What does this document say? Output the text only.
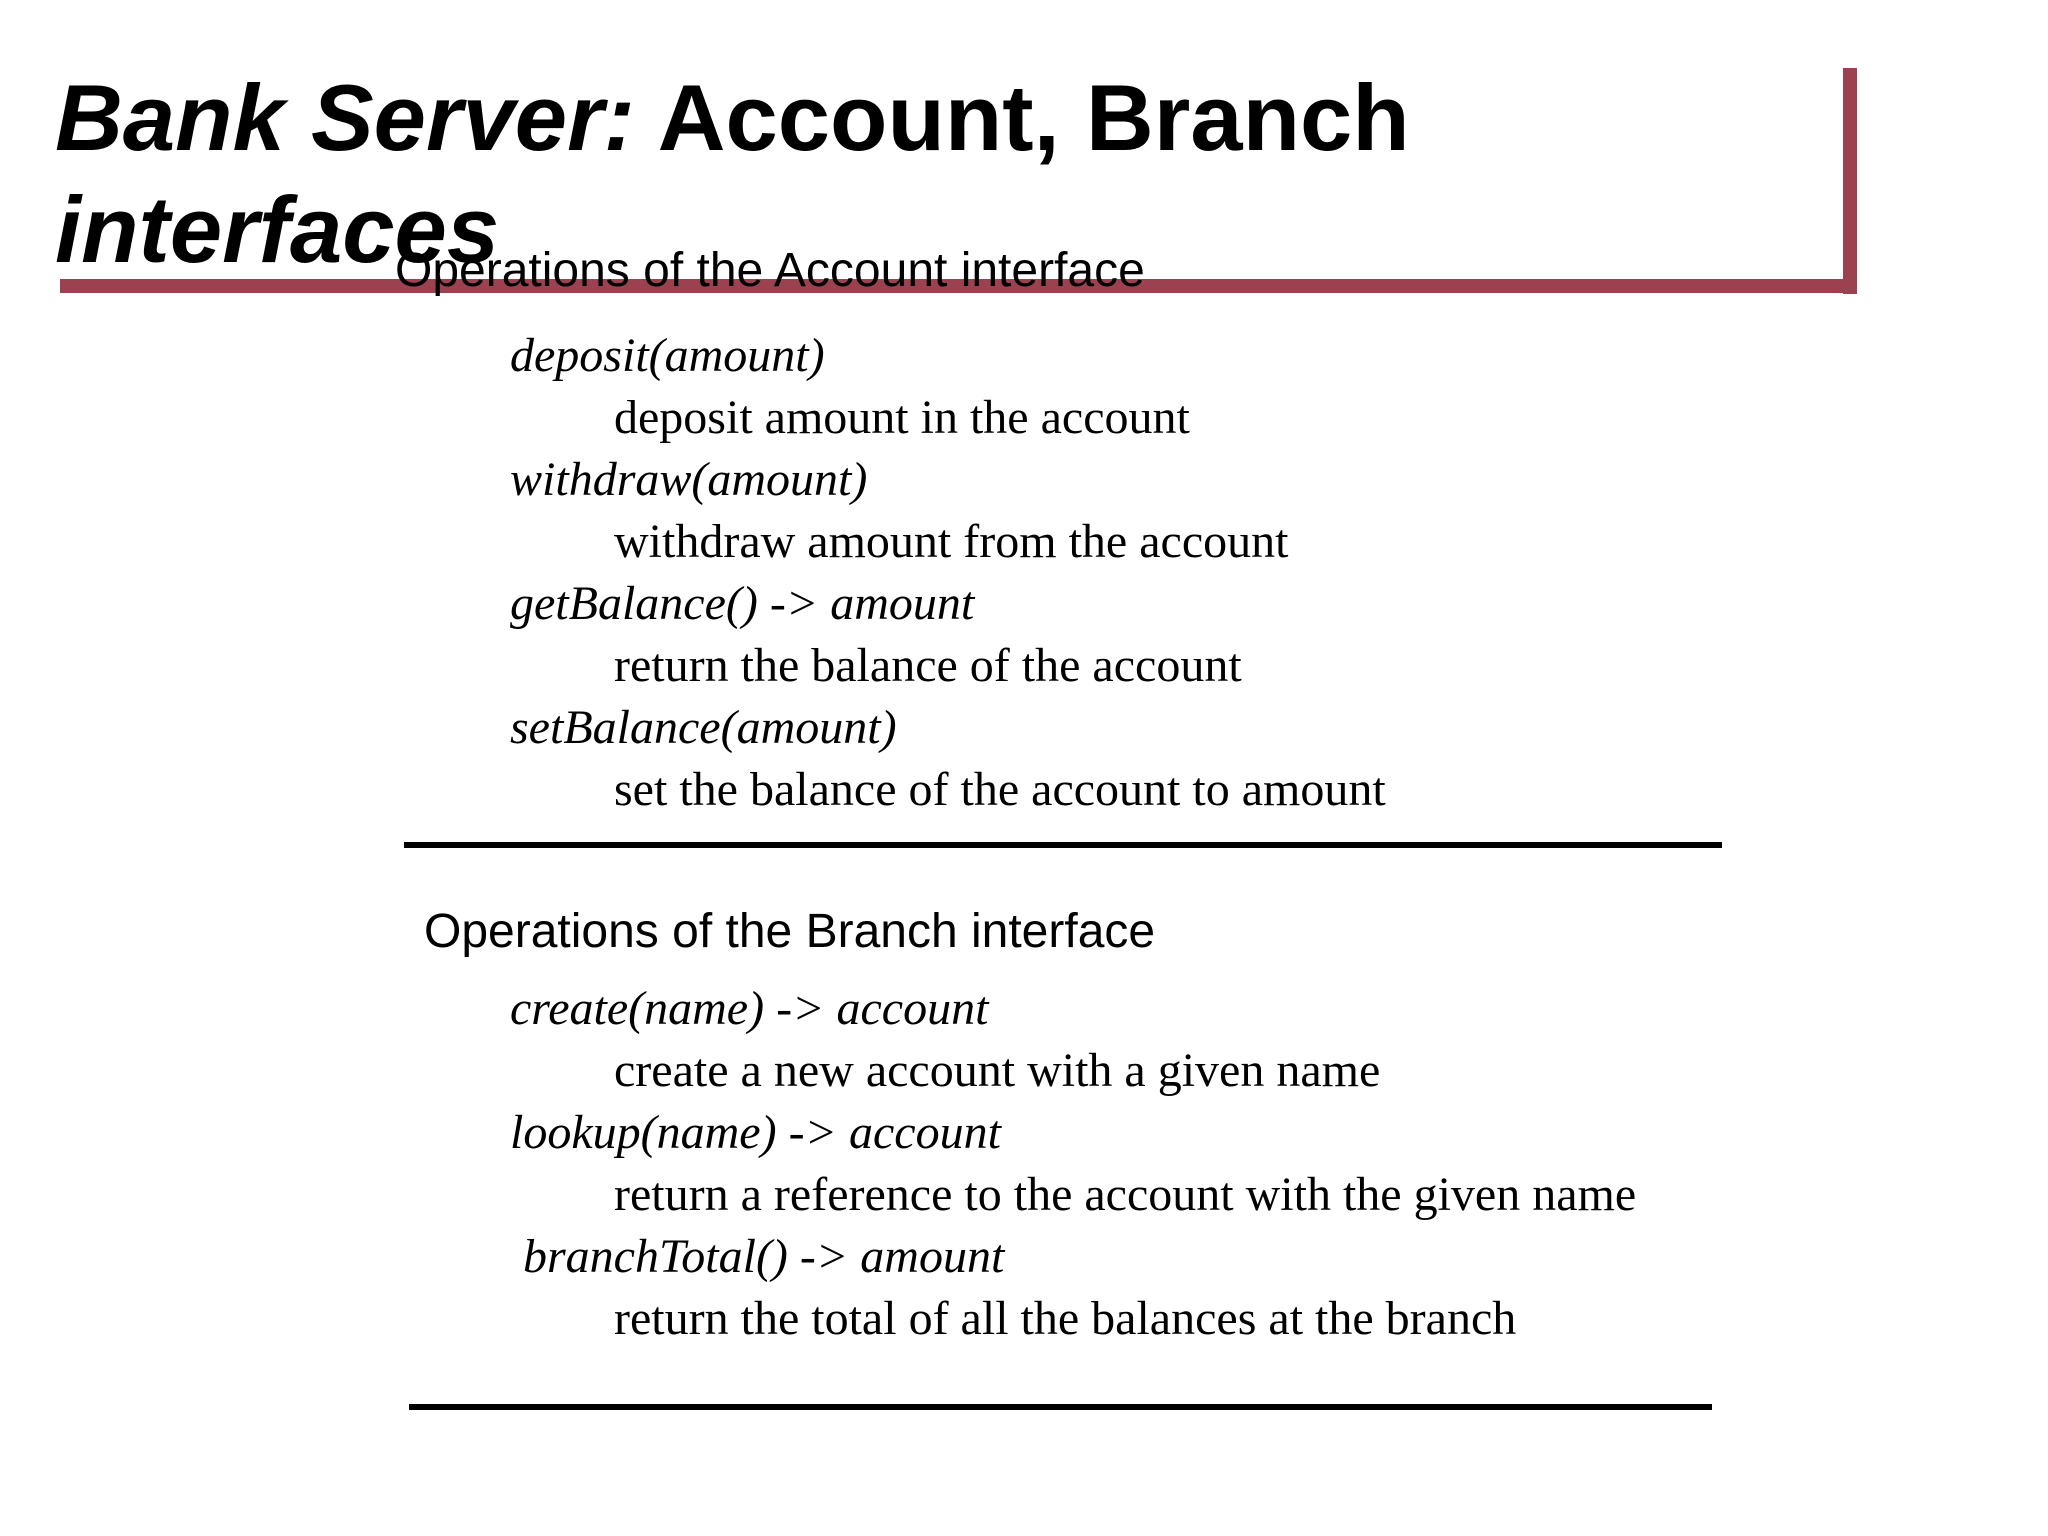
Bank Server: Account, Branch
interfaces
Operations of the Account interface
deposit(amount)
deposit amount in the account
withdraw(amount)
withdraw amount from the account
getBalance() -> amount
return the balance of the account
setBalance(amount)
set the balance of the account to amount
Operations of the Branch interface
create(name) -> account
create a new account with a given name
lookup(name) -> account
return a reference to the account with the given name
branchTotal() -> amount
return the total of all the balances at the branch
